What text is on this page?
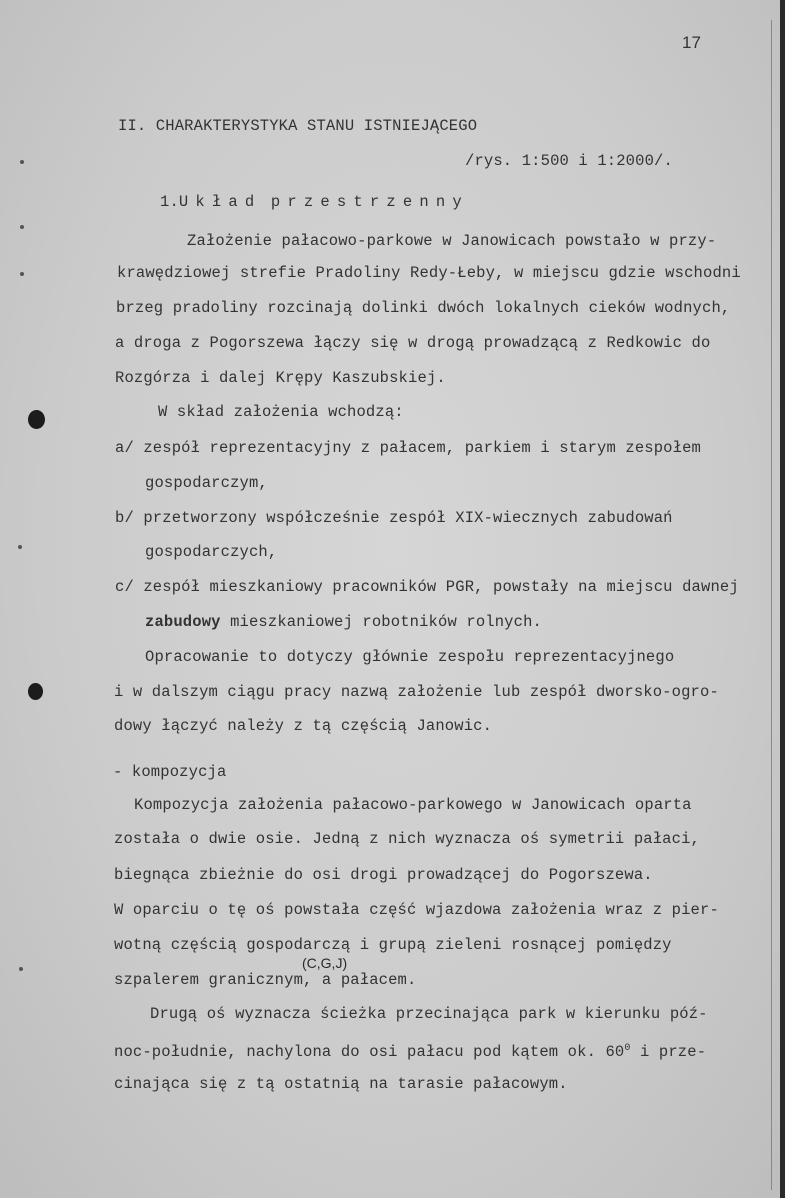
17
II. CHARAKTERYSTYKA STANU ISTNIEJĄCEGO
/rys. 1:500 i 1:2000/.
1.Układ przestrzenny
Założenie pałacowo-parkowe w Janowicach powstało w przy-
krawędziowej strefie Pradoliny Redy-Łeby, w miejscu gdzie wschodni
brzeg pradoliny rozcinają dolinki dwóch lokalnych cieków wodnych,
a droga z Pogorszewa łączy się w drogą prowadzącą z Redkowic do
Rozgórza i dalej Krępy Kaszubskiej.
W skład założenia wchodzą:
a/ zespół reprezentacyjny z pałacem, parkiem i starym zespołem
gospodarczym,
b/ przetworzony współcześnie zespół XIX-wiecznych zabudowań
gospodarczych,
c/ zespół mieszkaniowy pracowników PGR, powstały na miejscu dawnej
zabudowy mieszkaniowej robotników rolnych.
Opracowanie to dotyczy głównie zespołu reprezentacyjnego
i w dalszym ciągu pracy nazwą założenie lub zespół dworsko-ogro-
dowy łączyć należy z tą częścią Janowic.
- kompozycja
Kompozycja założenia pałacowo-parkowego w Janowicach oparta
została o dwie osie. Jedną z nich wyznacza oś symetrii pałaci,
biegnąca zbieżnie do osi drogi prowadzącej do Pogorszewa.
W oparciu o tę oś powstała część wjazdowa założenia wraz z pier-
wotną częścią gospodarczą i grupą zieleni rosnącej pomiędzy
(C,G,J)
szpalerem granicznym, a pałacem.
Drugą oś wyznacza ścieżka przecinająca park w kierunku póź-
noc-południe, nachylona do osi pałacu pod kątem ok. $60^0$ i prze-
cinająca się z tą ostatnią na tarasie pałacowym.
